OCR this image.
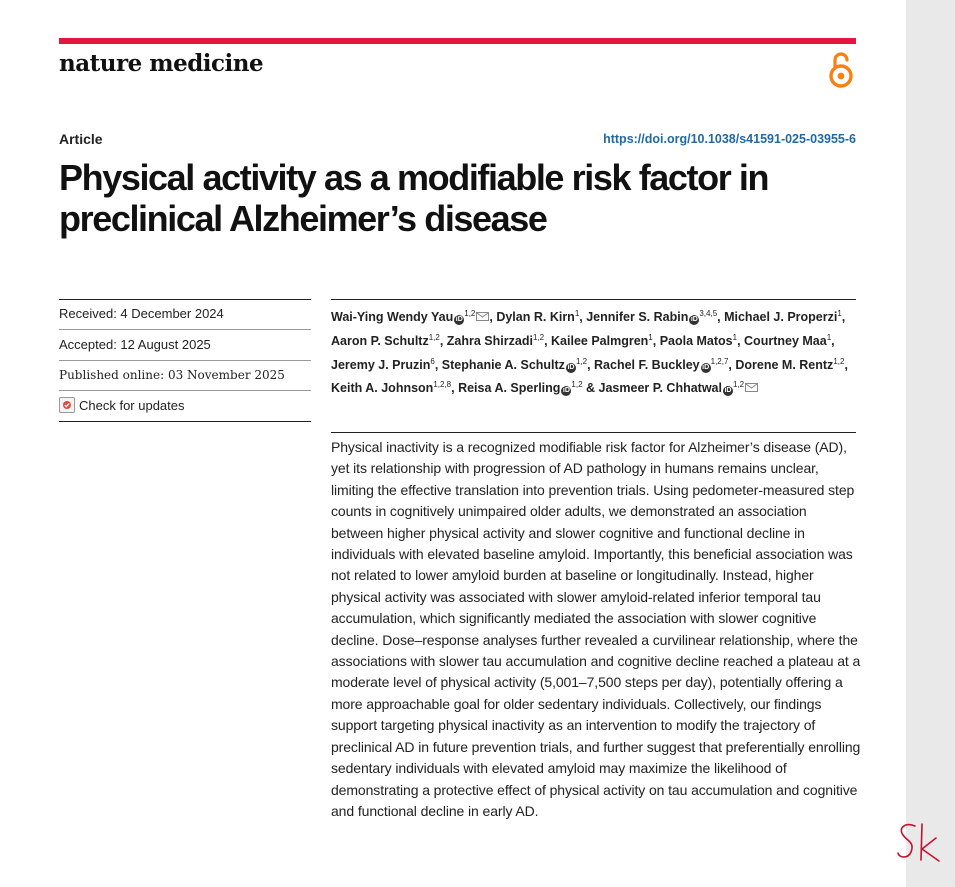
nature medicine
Article	https://doi.org/10.1038/s41591-025-03955-6
Physical activity as a modifiable risk factor in preclinical Alzheimer’s disease
Received: 4 December 2024
Accepted: 12 August 2025
Published online: 03 November 2025
Check for updates
Wai-Ying Wendy Yau iD$^{1,2}$ , Dylan R. Kirn$^1$, Jennifer S. Rabin iD$^{3,4,5}$, Michael J. Properzi$^1$, Aaron P. Schultz$^{1,2}$, Zahra Shirzadi$^{1,2}$, Kailee Palmgren$^1$, Paola Matos$^1$, Courtney Maa$^1$, Jeremy J. Pruzin$^6$, Stephanie A. Schultz iD$^{1,2}$, Rachel F. Buckley iD$^{1,2,7}$, Dorene M. Rentz$^{1,2}$, Keith A. Johnson$^{1,2,8}$, Reisa A. Sperling iD$^{1,2}$ & Jasmeer P. Chhatwal iD$^{1,2}$

Physical inactivity is a recognized modifiable risk factor for Alzheimer’s disease (AD), yet its relationship with progression of AD pathology in humans remains unclear, limiting the effective translation into prevention trials. Using pedometer-measured step counts in cognitively unimpaired older adults, we demonstrated an association between higher physical activity and slower cognitive and functional decline in individuals with elevated baseline amyloid. Importantly, this beneficial association was not related to lower amyloid burden at baseline or longitudinally. Instead, higher physical activity was associated with slower amyloid-related inferior temporal tau accumulation, which significantly mediated the association with slower cognitive decline. Dose–response analyses further revealed a curvilinear relationship, where the associations with slower tau accumulation and cognitive decline reached a plateau at a moderate level of physical activity (5,001–7,500 steps per day), potentially offering a more approachable goal for older sedentary individuals. Collectively, our findings support targeting physical inactivity as an intervention to modify the trajectory of preclinical AD in future prevention trials, and further suggest that preferentially enrolling sedentary individuals with elevated amyloid may maximize the likelihood of demonstrating a protective effect of physical activity on tau accumulation and cognitive and functional decline in early AD.
